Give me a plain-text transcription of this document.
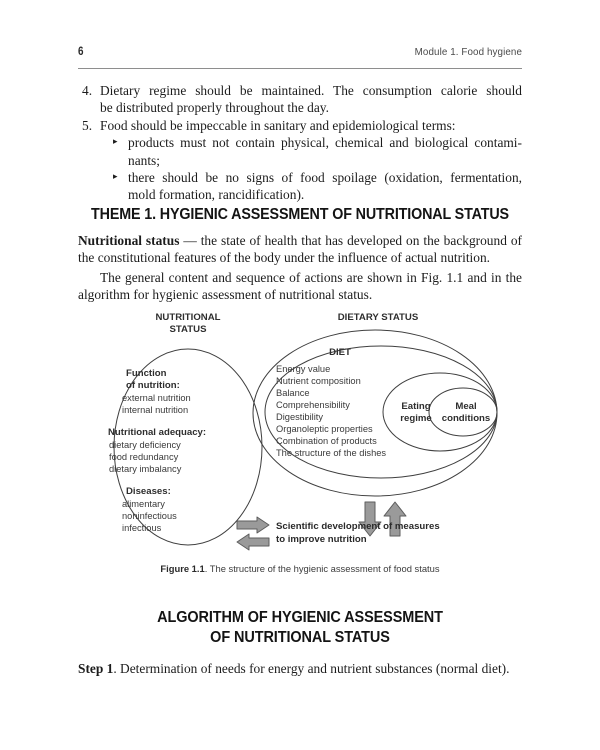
6	Module 1. Food hygiene
4. Dietary regime should be maintained. The consumption calorie should
be distributed properly throughout the day.
5. Food should be impeccable in sanitary and epidemiological terms:
▸ products must not contain physical, chemical and biological contami-
nants;
▸ there should be no signs of food spoilage (oxidation, fermentation,
mold formation, rancidification).
THEME 1. HYGIENIC ASSESSMENT OF NUTRITIONAL STATUS
Nutritional status — the state of health that has developed on the background of the constitutional features of the body under the influence of actual nutrition.
The general content and sequence of actions are shown in Fig. 1.1 and in the algorithm for hygienic assessment of nutritional status.
NUTRITIONAL
STATUS
DIETARY STATUS
DIET
Function
of nutrition:
external nutrition
internal nutrition
Nutritional adequacy:
dietary deficiency
food redundancy
dietary imbalancy
Diseases:
alimentary
noninfectious
infectious
Energy value
Nutrient composition
Balance
Comprehensibility
Digestibility
Organoleptic properties
Combination of products
The structure of the dishes
Eating
regime
Meal
conditions
Scientific development of measures
to improve nutrition
Figure 1.1. The structure of the hygienic assessment of food status
ALGORITHM OF HYGIENIC ASSESSMENT
OF NUTRITIONAL STATUS
Step 1. Determination of needs for energy and nutrient substances (normal diet).
